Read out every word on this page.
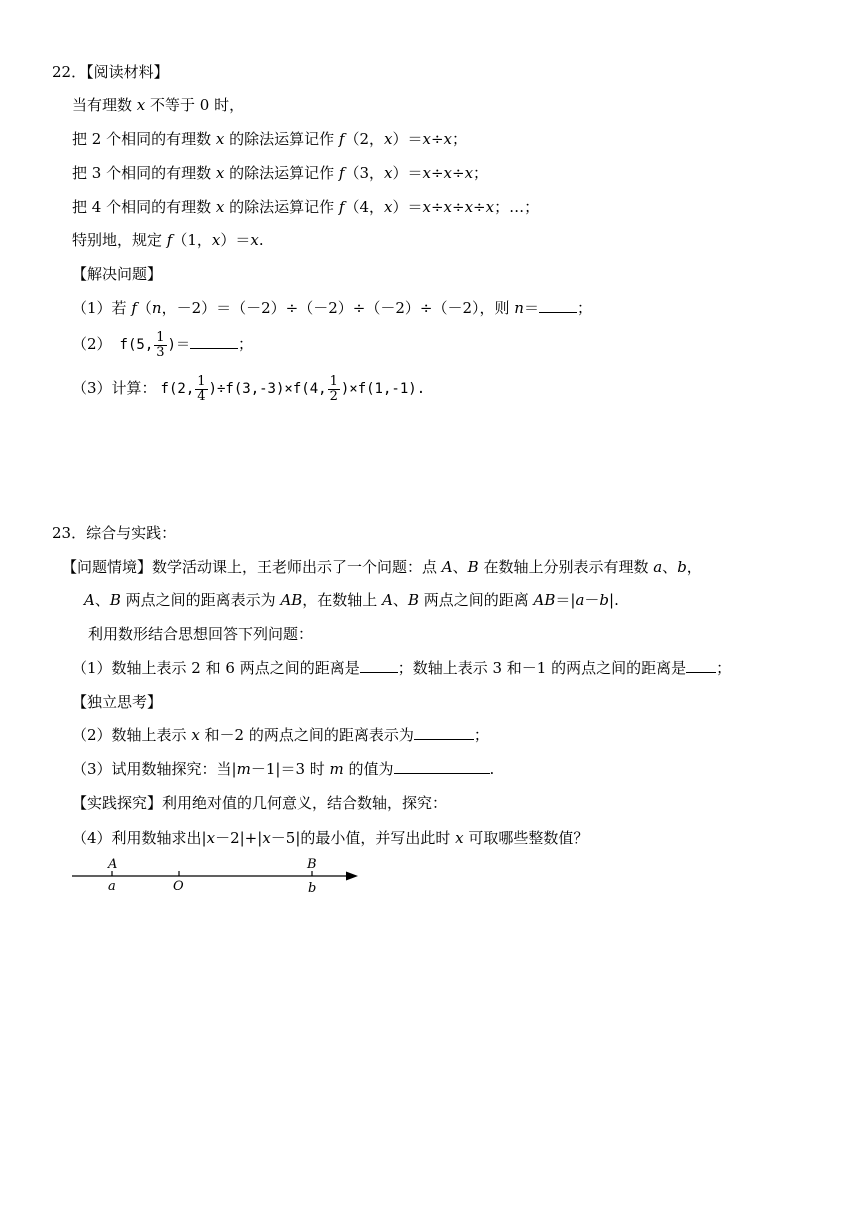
22．【阅读材料】
当有理数 x 不等于 0 时，
把 2 个相同的有理数 x 的除法运算记作 f（2，x）＝x÷x；
把 3 个相同的有理数 x 的除法运算记作 f（3，x）＝x÷x÷x；
把 4 个相同的有理数 x 的除法运算记作 f（4，x）＝x÷x÷x÷x；…；
特别地，规定 f（1，x）＝x.
【解决问题】
（1）若 f（n，－2）＝（－2）÷（－2）÷（－2）÷（－2），则 n＝	；
（2） f(5, $\frac{1}{3}$ )＝	；
（3）计算： f(2, $\frac{1}{4} )\div f(3,-3)\times f(4$, $\frac{1}{2} )\times f(1,-1)$.
23．综合与实践：
【问题情境】数学活动课上，王老师出示了一个问题：点 A、B 在数轴上分别表示有理数 a、b，
A、B 两点之间的距离表示为 AB，在数轴上 A、B 两点之间的距离 AB＝|a－b|.
利用数形结合思想回答下列问题：
（1）数轴上表示 2 和 6 两点之间的距离是	；数轴上表示 3 和－1 的两点之间的距离是 ；
【独立思考】
（2）数轴上表示 x 和－2 的两点之间的距离表示为	；
（3）试用数轴探究：当|m－1|＝3 时 m 的值为	.
【实践探究】利用绝对值的几何意义，结合数轴，探究：
（4）利用数轴求出|x－2|+|x－5|的最小值，并写出此时 x 可取哪些整数值？
A
a	O
B
b
